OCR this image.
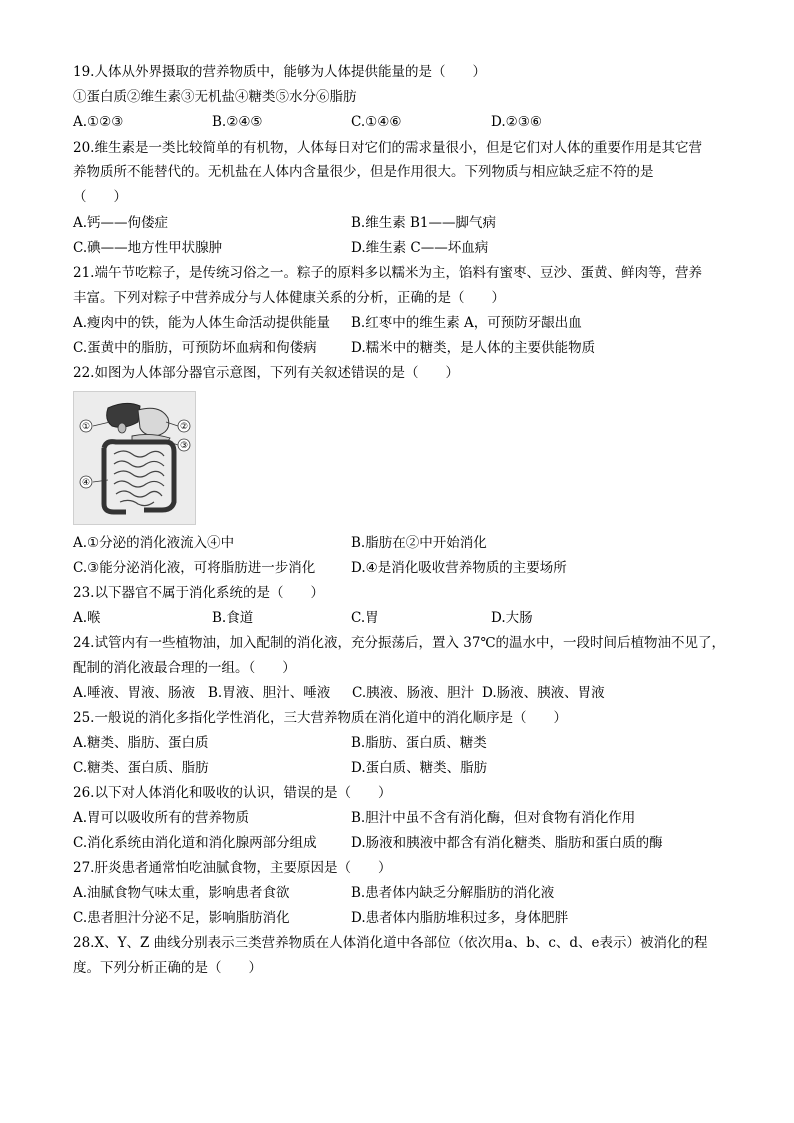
19.人体从外界摄取的营养物质中，能够为人体提供能量的是（　　）
①蛋白质②维生素③无机盐④糖类⑤水分⑥脂肪
A.①②③	B.②④⑤	C.①④⑥	D.②③⑥
20.维生素是一类比较简单的有机物，人体每日对它们的需求量很小，但是它们对人体的重要作用是其它营
养物质所不能替代的。无机盐在人体内含量很少，但是作用很大。下列物质与相应缺乏症不符的是
（　　）
A.钙——佝偻症	B.维生素 B1——脚气病
C.碘——地方性甲状腺肿	D.维生素 C——坏血病
21.端午节吃粽子，是传统习俗之一。粽子的原料多以糯米为主，馅料有蜜枣、豆沙、蛋黄、鲜肉等，营养
丰富。下列对粽子中营养成分与人体健康关系的分析，正确的是（　　）
A.瘦肉中的铁，能为人体生命活动提供能量 B.红枣中的维生素 A，可预防牙龈出血
C.蛋黄中的脂肪，可预防坏血病和佝偻病	D.糯米中的糖类，是人体的主要供能物质
22.如图为人体部分器官示意图，下列有关叙述错误的是（　　）
①	②
③
④
A.①分泌的消化液流入④中	B.脂肪在②中开始消化
C.③能分泌消化液，可将脂肪进一步消化	D.④是消化吸收营养物质的主要场所
23.以下器官不属于消化系统的是（　　）
A.喉	B.食道	C.胃	D.大肠
24.试管内有一些植物油，加入配制的消化液，充分振荡后，置入 37℃的温水中，一段时间后植物油不见了，
配制的消化液最合理的一组。（　　）
A.唾液、胃液、肠液 B.胃液、胆汁、唾液 C.胰液、肠液、胆汁 D.肠液、胰液、胃液
25.一般说的消化多指化学性消化，三大营养物质在消化道中的消化顺序是（　　）
A.糖类、脂肪、蛋白质	B.脂肪、蛋白质、糖类
C.糖类、蛋白质、脂肪	D.蛋白质、糖类、脂肪
26.以下对人体消化和吸收的认识，错误的是（　　）
A.胃可以吸收所有的营养物质	B.胆汁中虽不含有消化酶，但对食物有消化作用
C.消化系统由消化道和消化腺两部分组成	D.肠液和胰液中都含有消化糖类、脂肪和蛋白质的酶
27.肝炎患者通常怕吃油腻食物，主要原因是（　　）
A.油腻食物气味太重，影响患者食欲	B.患者体内缺乏分解脂肪的消化液
C.患者胆汁分泌不足，影响脂肪消化	D.患者体内脂肪堆积过多，身体肥胖
28.X、Y、Z 曲线分别表示三类营养物质在人体消化道中各部位（依次用a、b、c、d、e表示）被消化的程
度。下列分析正确的是（　　）
